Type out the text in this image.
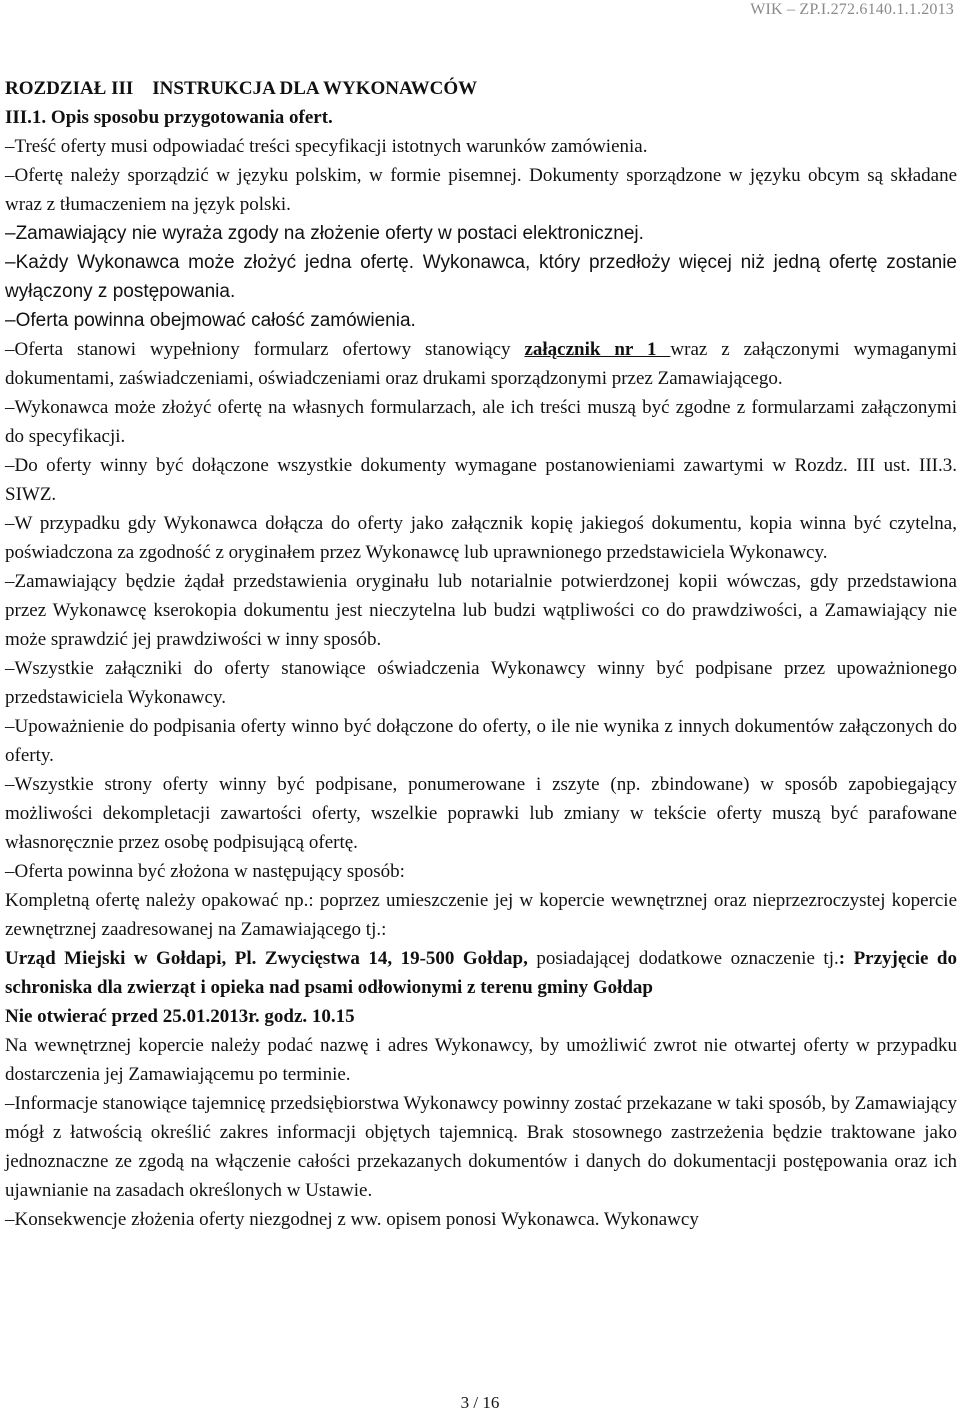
WIK – ZP.I.272.6140.1.1.2013

ROZDZIAŁ III    INSTRUKCJA DLA WYKONAWCÓW

III.1. Opis sposobu przygotowania ofert.

–Treść oferty musi odpowiadać treści specyfikacji istotnych warunków zamówienia.

–Ofertę należy sporządzić w języku polskim, w formie pisemnej. Dokumenty sporządzone w języku obcym są składane wraz z tłumaczeniem na język polski.

–Zamawiający nie wyraża zgody na złożenie oferty w postaci elektronicznej.

–Każdy Wykonawca może złożyć jedna ofertę. Wykonawca, który przedłoży więcej niż jedną ofertę zostanie wyłączony z postępowania.

–Oferta powinna obejmować całość zamówienia.

–Oferta stanowi wypełniony formularz ofertowy stanowiący załącznik nr 1 wraz z załączonymi wymaganymi dokumentami, zaświadczeniami, oświadczeniami oraz drukami sporządzonymi przez Zamawiającego.

–Wykonawca może złożyć ofertę na własnych formularzach, ale ich treści muszą być zgodne z formularzami załączonymi do specyfikacji.

–Do oferty winny być dołączone wszystkie dokumenty wymagane postanowieniami zawartymi w Rozdz. III ust. III.3. SIWZ.

–W przypadku gdy Wykonawca dołącza do oferty jako załącznik kopię jakiegoś dokumentu, kopia winna być czytelna, poświadczona za zgodność z oryginałem przez Wykonawcę lub uprawnionego przedstawiciela Wykonawcy.

–Zamawiający będzie żądał przedstawienia oryginału lub notarialnie potwierdzonej kopii wówczas, gdy przedstawiona przez Wykonawcę kserokopia dokumentu jest nieczytelna lub budzi wątpliwości co do prawdziwości, a Zamawiający nie może sprawdzić jej prawdziwości w inny sposób.

–Wszystkie załączniki do oferty stanowiące oświadczenia Wykonawcy winny być podpisane przez upoważnionego przedstawiciela Wykonawcy.

–Upoważnienie do podpisania oferty winno być dołączone do oferty, o ile nie wynika z innych dokumentów załączonych do oferty.

–Wszystkie strony oferty winny być podpisane, ponumerowane i zszyte (np. zbindowane) w sposób zapobiegający możliwości dekompletacji zawartości oferty, wszelkie poprawki lub zmiany w tekście oferty muszą być parafowane własnoręcznie przez osobę podpisującą ofertę.

–Oferta powinna być złożona w następujący sposób:

Kompletną ofertę należy opakować np.: poprzez umieszczenie jej w kopercie wewnętrznej oraz nieprzezroczystej kopercie zewnętrznej zaadresowanej na Zamawiającego tj.:

Urząd Miejski w Gołdapi, Pl. Zwycięstwa 14, 19-500 Gołdap, posiadającej dodatkowe oznaczenie tj.: Przyjęcie do schroniska dla zwierząt i opieka nad psami odłowionymi z terenu gminy Gołdap

Nie otwierać przed 25.01.2013r. godz. 10.15

Na wewnętrznej kopercie należy podać nazwę i adres Wykonawcy, by umożliwić zwrot nie otwartej oferty w przypadku dostarczenia jej Zamawiającemu po terminie.

–Informacje stanowiące tajemnicę przedsiębiorstwa Wykonawcy powinny zostać przekazane w taki sposób, by Zamawiający mógł z łatwością określić zakres informacji objętych tajemnicą. Brak stosownego zastrzeżenia będzie traktowane jako jednoznaczne ze zgodą na włączenie całości przekazanych dokumentów i danych do dokumentacji postępowania oraz ich ujawnianie na zasadach określonych w Ustawie.

–Konsekwencje złożenia oferty niezgodnej z ww. opisem ponosi Wykonawca. Wykonawcy

3 / 16
